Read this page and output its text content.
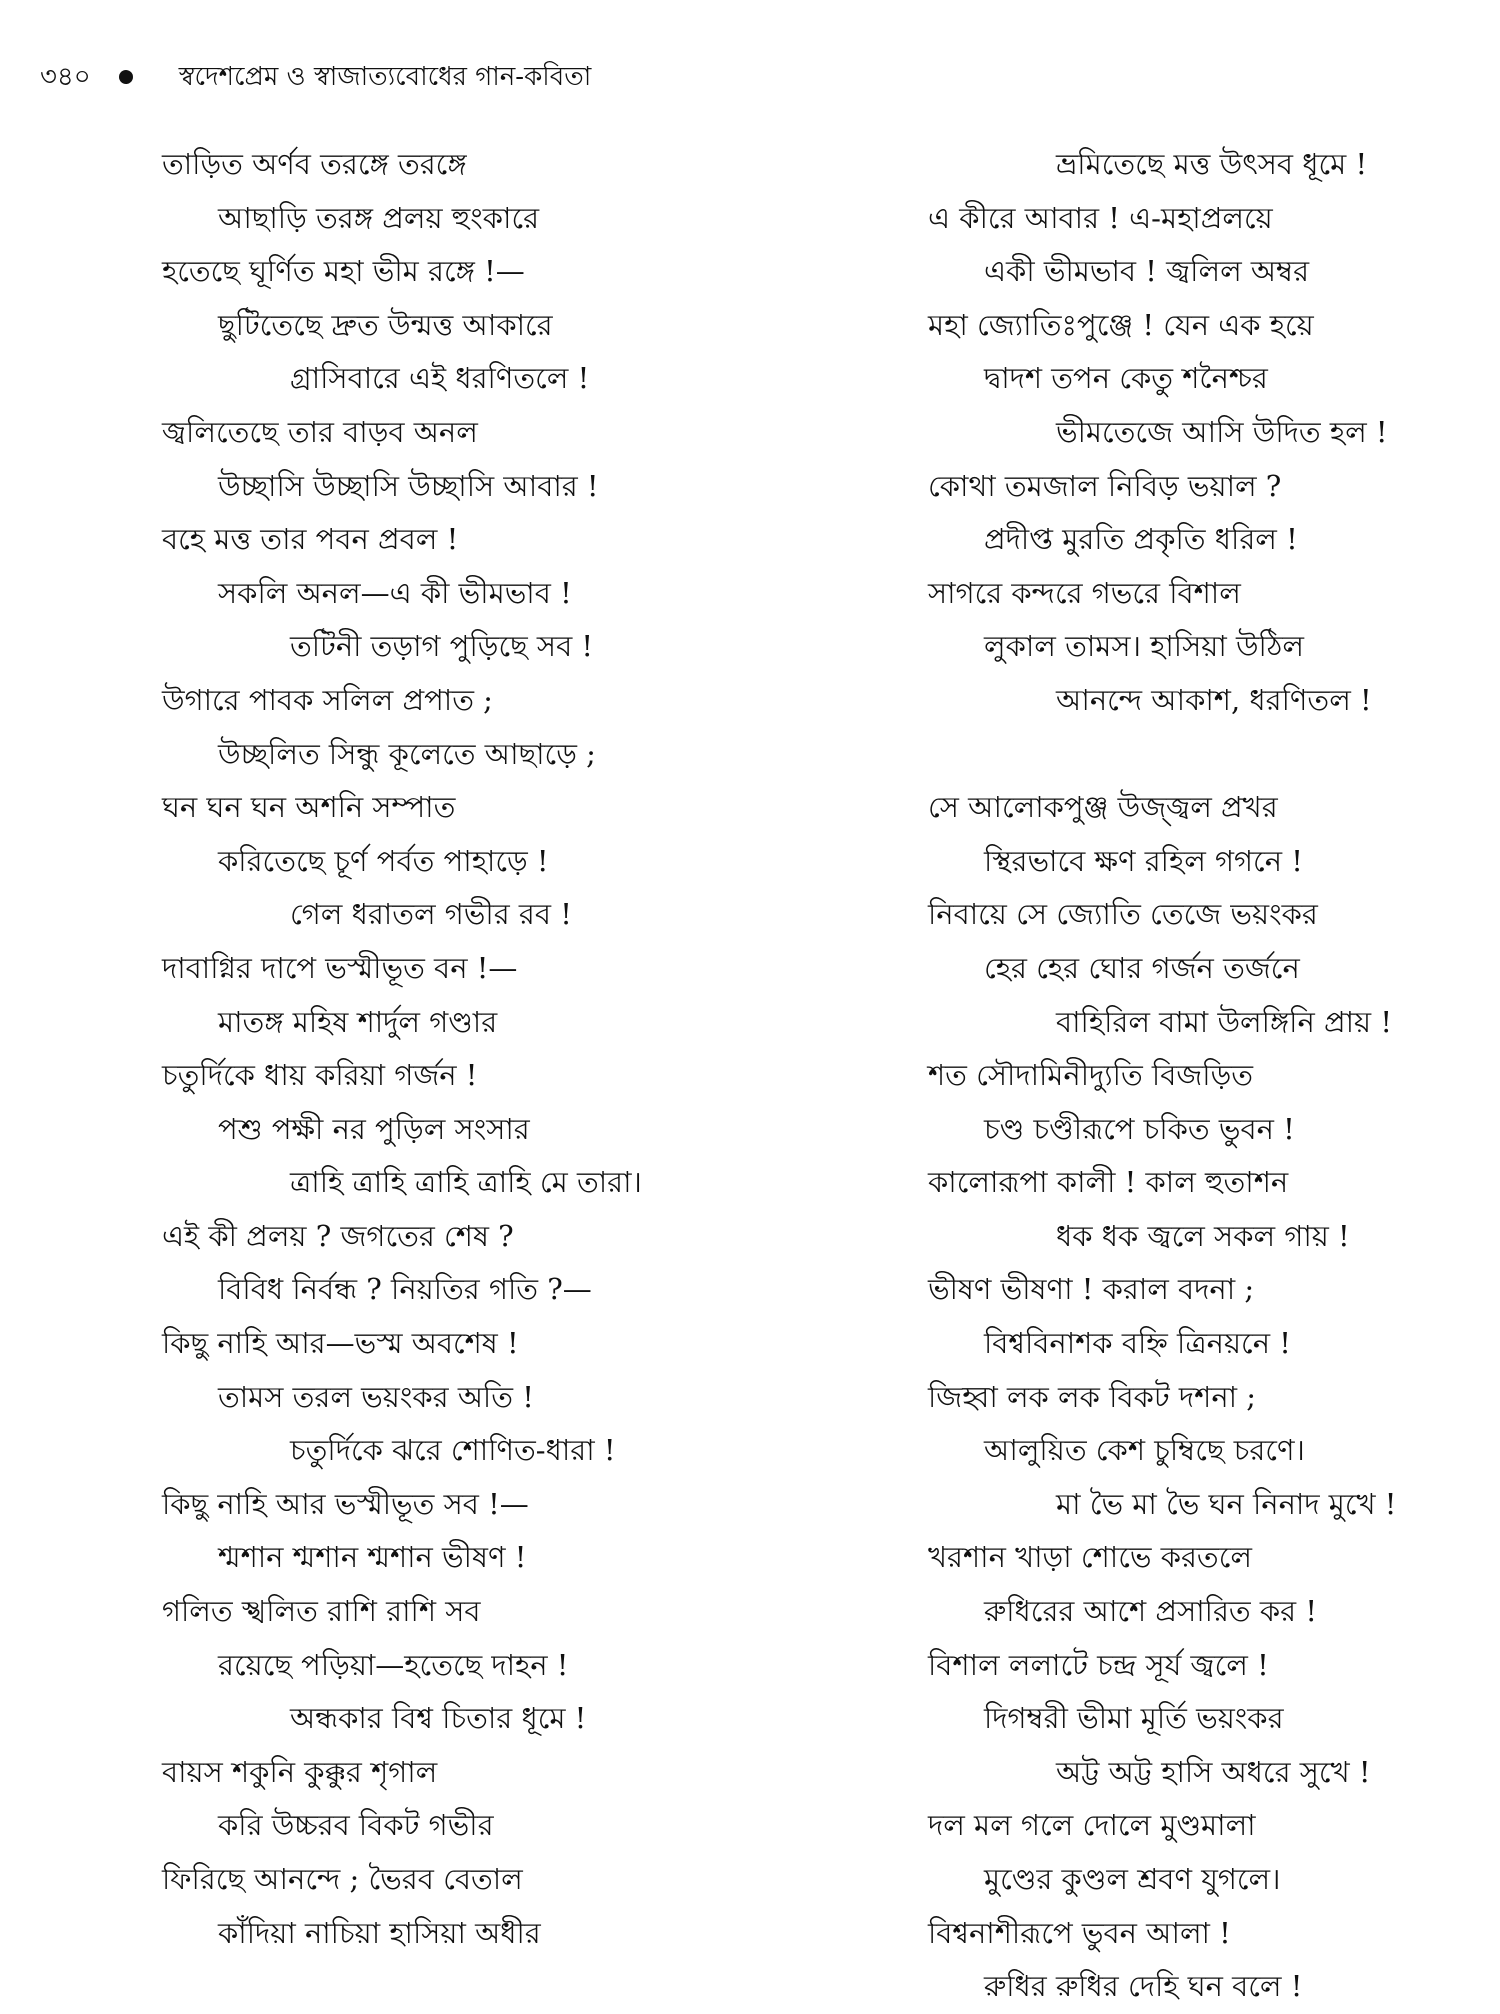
৩৪০	স্বদেশপ্রেম ও স্বাজাত্যবোধের গান-কবিতা
তাড়িত অর্ণব তরঙ্গে তরঙ্গে
আছাড়ি তরঙ্গ প্রলয় হুংকারে
হতেছে ঘূর্ণিত মহা ভীম রঙ্গে !—
ছুটিতেছে দ্রুত উন্মত্ত আকারে
গ্রাসিবারে এই ধরণিতলে !
জ্বলিতেছে তার বাড়ব অনল
উচ্ছাসি উচ্ছাসি উচ্ছাসি আবার !
বহে মত্ত তার পবন প্রবল !
সকলি অনল—এ কী ভীমভাব !
তটিনী তড়াগ পুড়িছে সব !
উগারে পাবক সলিল প্রপাত ;
উচ্ছলিত সিন্ধু কূলেতে আছাড়ে ;
ঘন ঘন ঘন অশনি সম্পাত
করিতেছে চূর্ণ পর্বত পাহাড়ে !
গেল ধরাতল গভীর রব !
দাবাগ্নির দাপে ভস্মীভূত বন !—
মাতঙ্গ মহিষ শার্দুল গণ্ডার
চতুর্দিকে ধায় করিয়া গর্জন !
পশু পক্ষী নর পুড়িল সংসার
ত্রাহি ত্রাহি ত্রাহি ত্রাহি মে তারা।
এই কী প্রলয় ? জগতের শেষ ?
বিবিধ নির্বন্ধ ? নিয়তির গতি ?—
কিছু নাহি আর—ভস্ম অবশেষ !
তামস তরল ভয়ংকর অতি !
চতুর্দিকে ঝরে শোণিত-ধারা !
কিছু নাহি আর ভস্মীভূত সব !—
শ্মশান শ্মশান শ্মশান ভীষণ !
গলিত স্খলিত রাশি রাশি সব
রয়েছে পড়িয়া—হতেছে দাহন !
অন্ধকার বিশ্ব চিতার ধূমে !
বায়স শকুনি কুক্কুর শৃগাল
করি উচ্চরব বিকট গভীর
ফিরিছে আনন্দে ; ভৈরব বেতাল
কাঁদিয়া নাচিয়া হাসিয়া অধীর
ভ্রমিতেছে মত্ত উৎসব ধূমে !
এ কীরে আবার ! এ-মহাপ্রলয়ে
একী ভীমভাব ! জ্বলিল অম্বর
মহা জ্যোতিঃপুঞ্জে ! যেন এক হয়ে
দ্বাদশ তপন কেতু শনৈশ্চর
ভীমতেজে আসি উদিত হল !
কোথা তমজাল নিবিড় ভয়াল ?
প্রদীপ্ত মুরতি প্রকৃতি ধরিল !
সাগরে কন্দরে গভরে বিশাল
লুকাল তামস। হাসিয়া উঠিল
আনন্দে আকাশ, ধরণিতল !
সে আলোকপুঞ্জ উজ্জ্বল প্রখর
স্থিরভাবে ক্ষণ রহিল গগনে !
নিবায়ে সে জ্যোতি তেজে ভয়ংকর
হের হের ঘোর গর্জন তর্জনে
বাহিরিল বামা উলঙ্গিনি প্রায় !
শত সৌদামিনীদ্যুতি বিজড়িত
চণ্ড চণ্ডীরূপে চকিত ভুবন !
কালোরূপা কালী ! কাল হুতাশন
ধক ধক জ্বলে সকল গায় !
ভীষণ ভীষণা ! করাল বদনা ;
বিশ্ববিনাশক বহ্নি ত্রিনয়নে !
জিহ্বা লক লক বিকট দশনা ;
আলুয়িত কেশ চুম্বিছে চরণে।
মা ভৈ মা ভৈ ঘন নিনাদ মুখে !
খরশান খাড়া শোভে করতলে
রুধিরের আশে প্রসারিত কর !
বিশাল ললাটে চন্দ্র সূর্য জ্বলে !
দিগম্বরী ভীমা মূর্তি ভয়ংকর
অট্ট অট্ট হাসি অধরে সুখে !
দল মল গলে দোলে মুণ্ডমালা
মুণ্ডের কুণ্ডল শ্রবণ যুগলে।
বিশ্বনাশীরূপে ভুবন আলা !
রুধির রুধির দেহি ঘন বলে !
